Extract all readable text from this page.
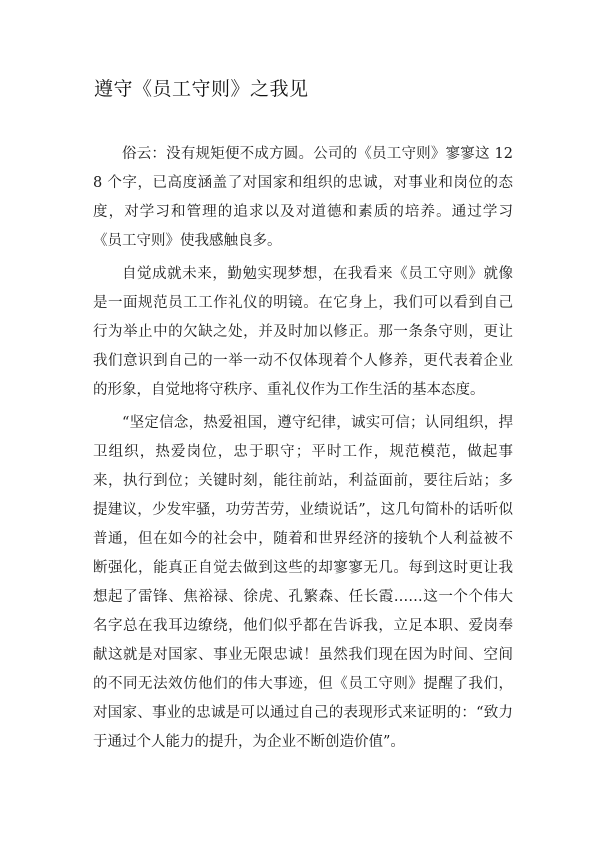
遵守《员工守则》之我见

俗云：没有规矩便不成方圆。公司的《员工守则》寥寥这 128 个字，已高度涵盖了对国家和组织的忠诚，对事业和岗位的态度，对学习和管理的追求以及对道德和素质的培养。通过学习《员工守则》使我感触良多。

自觉成就未来，勤勉实现梦想，在我看来《员工守则》就像是一面规范员工工作礼仪的明镜。在它身上，我们可以看到自己行为举止中的欠缺之处，并及时加以修正。那一条条守则，更让我们意识到自己的一举一动不仅体现着个人修养，更代表着企业的形象，自觉地将守秩序、重礼仪作为工作生活的基本态度。

“坚定信念，热爱祖国，遵守纪律，诚实可信；认同组织，捍卫组织，热爱岗位，忠于职守；平时工作，规范模范，做起事来，执行到位；关键时刻，能往前站，利益面前，要往后站；多提建议，少发牢骚，功劳苦劳，业绩说话”，这几句简朴的话听似普通，但在如今的社会中，随着和世界经济的接轨个人利益被不断强化，能真正自觉去做到这些的却寥寥无几。每到这时更让我想起了雷锋、焦裕禄、徐虎、孔繁森、任长霞……这一个个伟大名字总在我耳边缭绕，他们似乎都在告诉我，立足本职、爱岗奉献这就是对国家、事业无限忠诚！虽然我们现在因为时间、空间的不同无法效仿他们的伟大事迹，但《员工守则》提醒了我们，对国家、事业的忠诚是可以通过自己的表现形式来证明的：“致力于通过个人能力的提升，为企业不断创造价值”。
